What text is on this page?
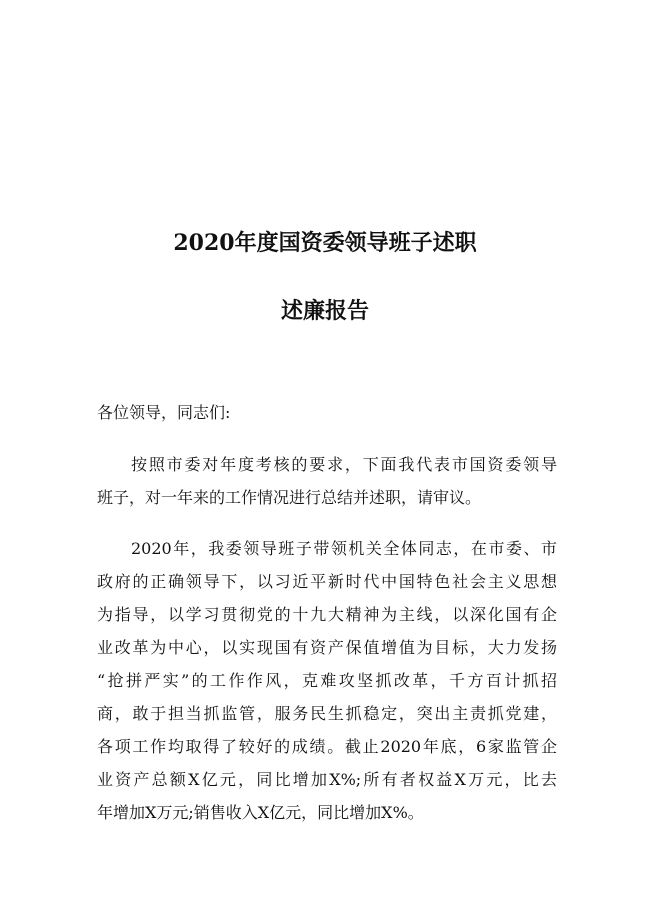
2020年度国资委领导班子述职
述廉报告

各位领导，同志们:

按照市委对年度考核的要求，下面我代表市国资委领导
班子，对一年来的工作情况进行总结并述职，请审议。

2020年，我委领导班子带领机关全体同志，在市委、市
政府的正确领导下，以习近平新时代中国特色社会主义思想
为指导，以学习贯彻党的十九大精神为主线，以深化国有企
业改革为中心，以实现国有资产保值增值为目标，大力发扬
“抢拼严实”的工作作风，克难攻坚抓改革，千方百计抓招
商，敢于担当抓监管，服务民生抓稳定，突出主责抓党建，
各项工作均取得了较好的成绩。截止2020年底，6家监管企
业资产总额X亿元，同比增加X%;所有者权益X万元，比去
年增加X万元;销售收入X亿元，同比增加X%。
